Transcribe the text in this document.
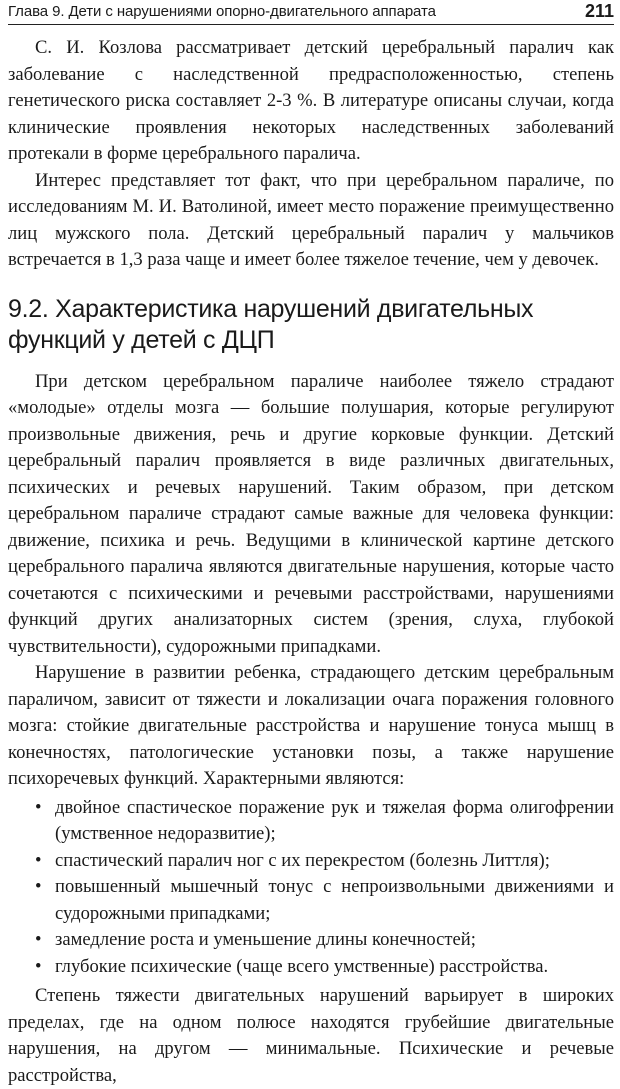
Глава 9. Дети с нарушениями опорно-двигательного аппарата	211

С. И. Козлова рассматривает детский церебральный паралич как заболевание с наследственной предрасположенностью, степень генетического риска составляет 2-3 %. В литературе описаны случаи, когда клинические проявления некоторых наследственных заболеваний протекали в форме церебрального паралича.

Интерес представляет тот факт, что при церебральном параличе, по исследованиям М. И. Ватолиной, имеет место поражение преимущественно лиц мужского пола. Детский церебральный паралич у мальчиков встречается в 1,3 раза чаще и имеет более тяжелое течение, чем у девочек.

9.2. Характеристика нарушений двигательных
функций у детей с ДЦП

При детском церебральном параличе наиболее тяжело страдают «молодые» отделы мозга — большие полушария, которые регулируют произвольные движения, речь и другие корковые функции. Детский церебральный паралич проявляется в виде различных двигательных, психических и речевых нарушений. Таким образом, при детском церебральном параличе страдают самые важные для человека функции: движение, психика и речь. Ведущими в клинической картине детского церебрального паралича являются двигательные нарушения, которые часто сочетаются с психическими и речевыми расстройствами, нарушениями функций других анализаторных систем (зрения, слуха, глубокой чувствительности), судорожными припадками.

Нарушение в развитии ребенка, страдающего детским церебральным параличом, зависит от тяжести и локализации очага поражения головного мозга: стойкие двигательные расстройства и нарушение тонуса мышц в конечностях, патологические установки позы, а также нарушение психоречевых функций. Характерными являются:

• двойное спастическое поражение рук и тяжелая форма олигофрении (умственное недоразвитие);
• спастический паралич ног с их перекрестом (болезнь Литтля);
• повышенный мышечный тонус с непроизвольными движениями и судорожными припадками;
• замедление роста и уменьшение длины конечностей;
• глубокие психические (чаще всего умственные) расстройства.

Степень тяжести двигательных нарушений варьирует в широких пределах, где на одном полюсе находятся грубейшие двигательные нарушения, на другом — минимальные. Психические и речевые расстройства,
